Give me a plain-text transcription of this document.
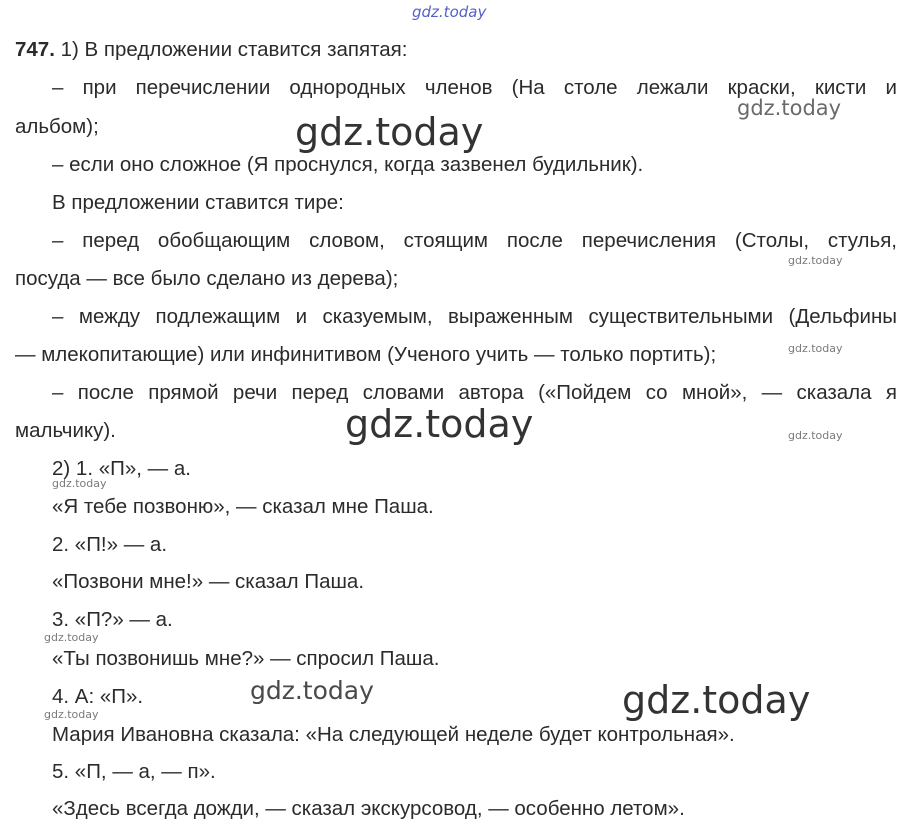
gdz.today
gdz.today
gdz.today
gdz.today
gdz.today
gdz.today	gdz.today
gdz.today
gdz.today
gdz.today	gdz.today
gdz.today
747. 1) В предложении ставится запятая:
– при перечислении однородных членов (На столе лежали краски, кисти и
альбом);
– если оно сложное (Я проснулся, когда зазвенел будильник).
В предложении ставится тире:
– перед обобщающим словом, стоящим после перечисления (Столы, стулья,
посуда — все было сделано из дерева);
– между подлежащим и сказуемым, выраженным существительными (Дельфины
— млекопитающие) или инфинитивом (Ученого учить — только портить);
– после прямой речи перед словами автора («Пойдем со мной», — сказала я
мальчику).
2) 1. «П», — а.
«Я тебе позвоню», — сказал мне Паша.
2. «П!» — а.
«Позвони мне!» — сказал Паша.
3. «П?» — а.
«Ты позвонишь мне?» — спросил Паша.
4. А: «П».
Мария Ивановна сказала: «На следующей неделе будет контрольная».
5. «П, — а, — п».
«Здесь всегда дожди, — сказал экскурсовод, — особенно летом».
